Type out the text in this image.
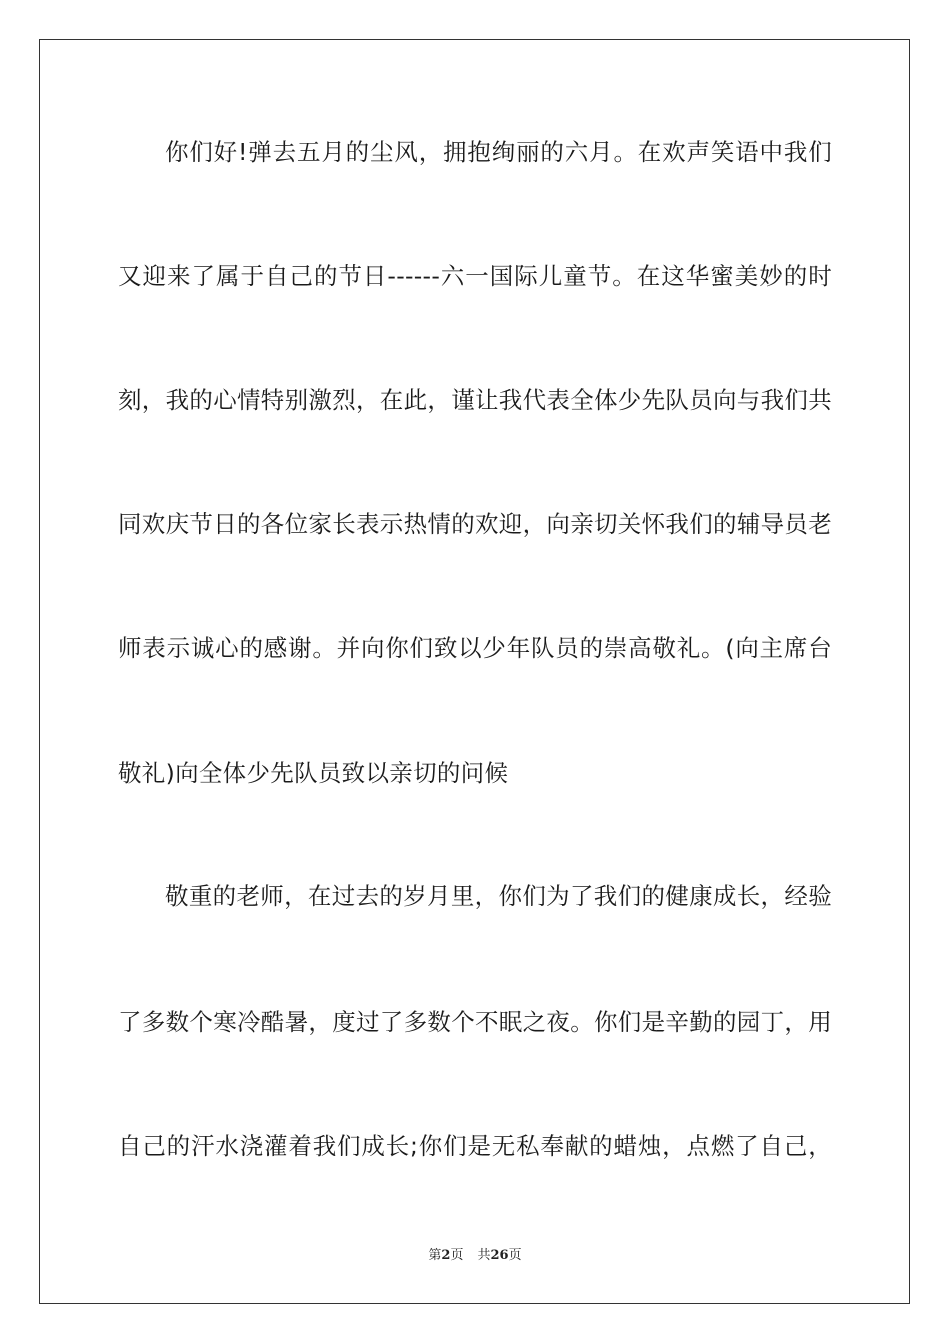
你们好!弹去五月的尘风，拥抱绚丽的六月。在欢声笑语中我们
又迎来了属于自己的节日------六一国际儿童节。在这华蜜美妙的时
刻，我的心情特别激烈，在此，谨让我代表全体少先队员向与我们共
同欢庆节日的各位家长表示热情的欢迎，向亲切关怀我们的辅导员老
师表示诚心的感谢。并向你们致以少年队员的崇高敬礼。(向主席台
敬礼)向全体少先队员致以亲切的问候
敬重的老师，在过去的岁月里，你们为了我们的健康成长，经验
了多数个寒冷酷暑，度过了多数个不眠之夜。你们是辛勤的园丁，用
自己的汗水浇灌着我们成长;你们是无私奉献的蜡烛，点燃了自己，
第2页 共26页
